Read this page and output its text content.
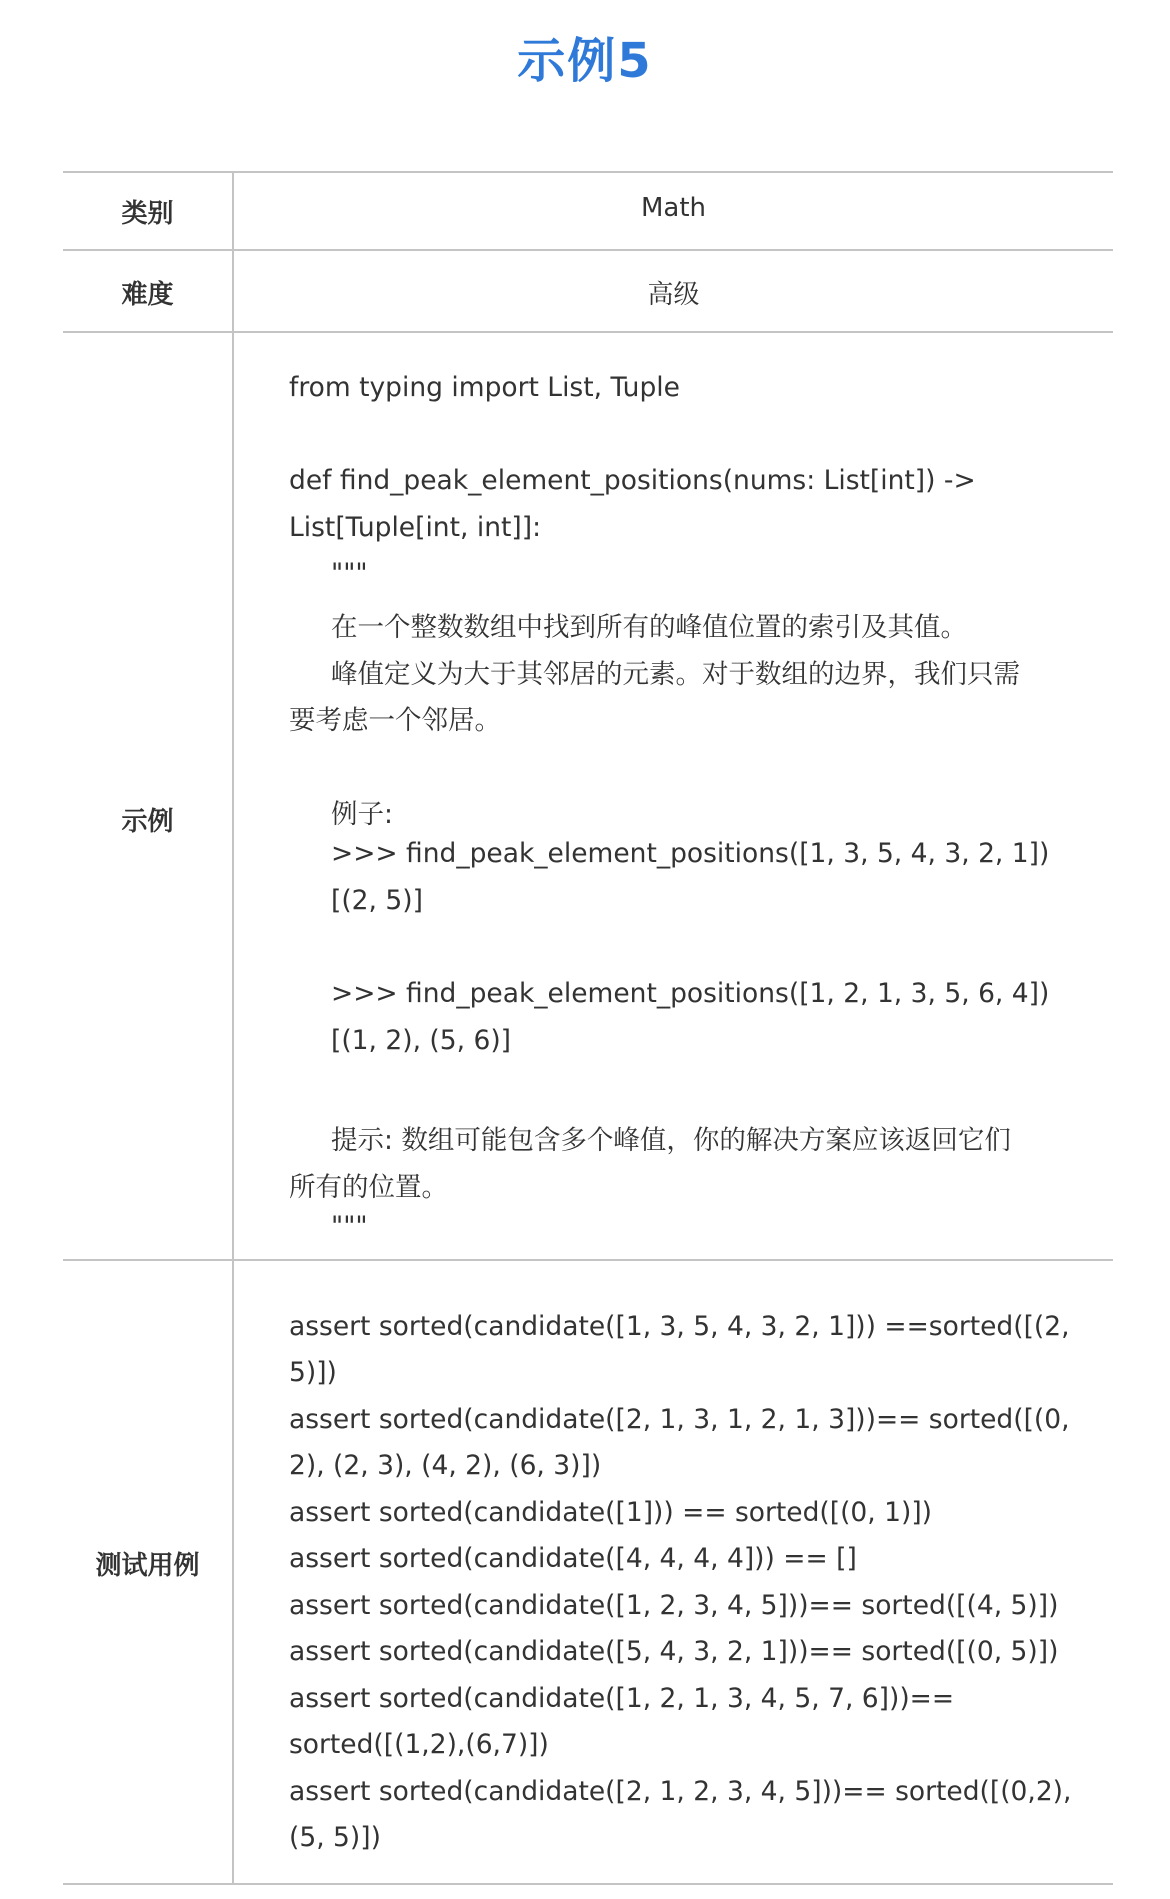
示例5
类别	Math
难度	高级
示例
from typing import List, Tuple
def find_peak_element_positions(nums: List[int]) ->
List[Tuple[int, int]]:
"""
在一个整数数组中找到所有的峰值位置的索引及其值。
峰值定义为大于其邻居的元素。对于数组的边界，我们只需
要考虑一个邻居。
例子:
>>> find_peak_element_positions([1, 3, 5, 4, 3, 2, 1])
[(2, 5)]
>>> find_peak_element_positions([1, 2, 1, 3, 5, 6, 4])
[(1, 2), (5, 6)]
提示: 数组可能包含多个峰值，你的解决方案应该返回它们
所有的位置。
"""
测试用例
assert sorted(candidate([1, 3, 5, 4, 3, 2, 1])) ==sorted([(2,
5)])
assert sorted(candidate([2, 1, 3, 1, 2, 1, 3]))== sorted([(0,
2), (2, 3), (4, 2), (6, 3)])
assert sorted(candidate([1])) == sorted([(0, 1)])
assert sorted(candidate([4, 4, 4, 4])) == []
assert sorted(candidate([1, 2, 3, 4, 5]))== sorted([(4, 5)])
assert sorted(candidate([5, 4, 3, 2, 1]))== sorted([(0, 5)])
assert sorted(candidate([1, 2, 1, 3, 4, 5, 7, 6]))==
sorted([(1,2),(6,7)])
assert sorted(candidate([2, 1, 2, 3, 4, 5]))== sorted([(0,2),
(5, 5)])
